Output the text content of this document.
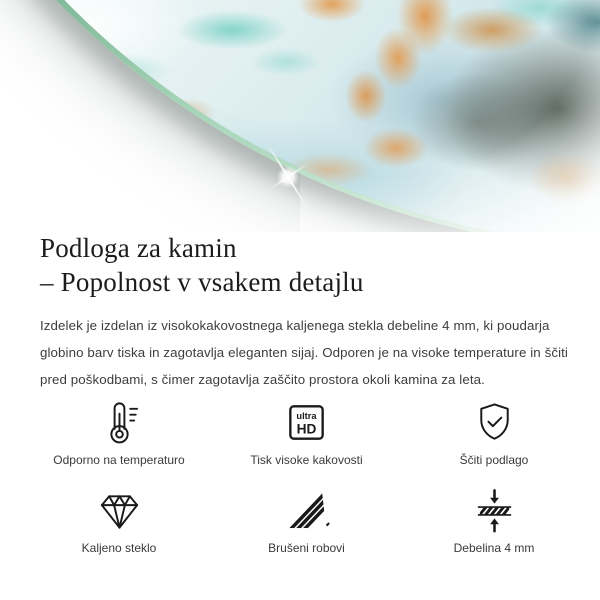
Podloga za kamin
– Popolnost v vsakem detajlu
Izdelek je izdelan iz visokokakovostnega kaljenega stekla debeline 4 mm, ki poudarja globino barv tiska in zagotavlja eleganten sijaj. Odporen je na visoke temperature in ščiti pred poškodbami, s čimer zagotavlja zaščito prostora okoli kamina za leta.
Odporno na temperaturo
ultra
HD
Tisk visoke kakovosti	Ščiti podlago
Kaljeno steklo	Brušeni robovi	Debelina 4 mm
